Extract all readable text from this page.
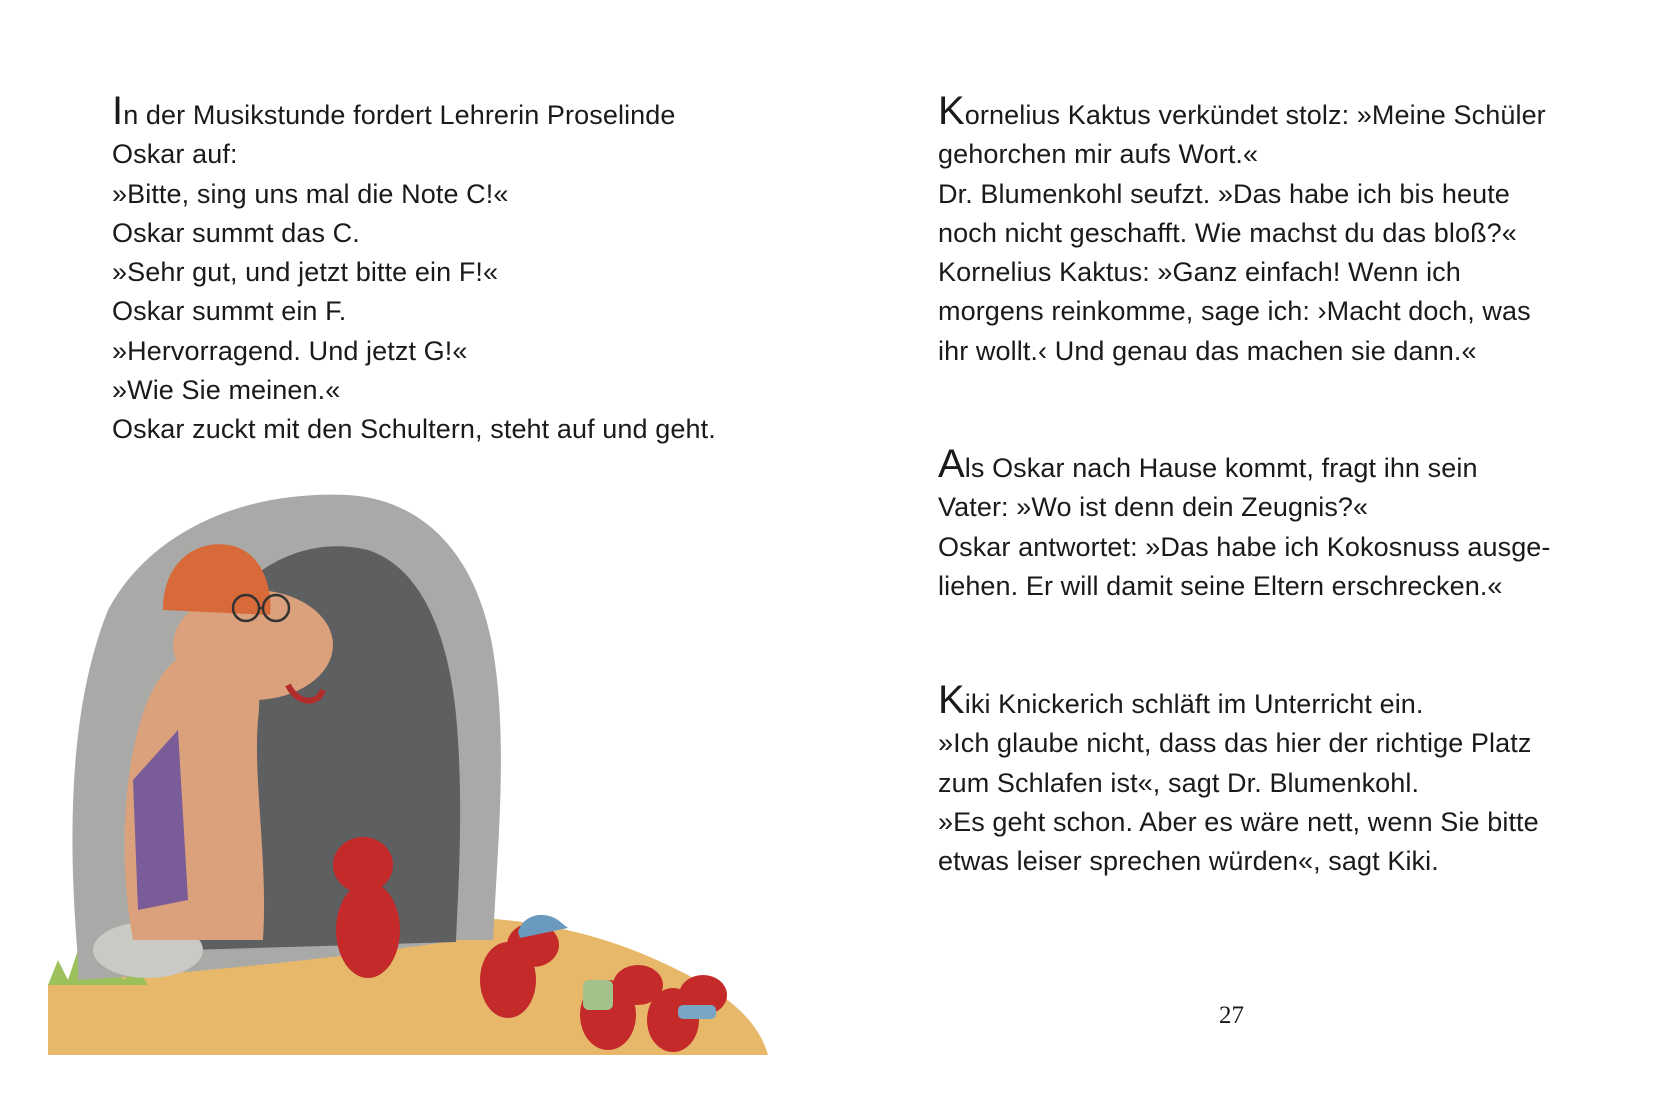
In der Musikstunde fordert Lehrerin Proselinde

Oskar auf:

»Bitte, sing uns mal die Note C!«

Oskar summt das C.

»Sehr gut, und jetzt bitte ein F!«

Oskar summt ein F.

»Hervorragend. Und jetzt G!«

»Wie Sie meinen.«

Oskar zuckt mit den Schultern, steht auf und geht.

Kornelius Kaktus verkündet stolz: »Meine Schüler

gehorchen mir aufs Wort.«

Dr. Blumenkohl seufzt. »Das habe ich bis heute

noch nicht geschafft. Wie machst du das bloß?«

Kornelius Kaktus: »Ganz einfach! Wenn ich

morgens reinkomme, sage ich: ›Macht doch, was

ihr wollt.‹ Und genau das machen sie dann.«

Als Oskar nach Hause kommt, fragt ihn sein

Vater: »Wo ist denn dein Zeugnis?«

Oskar antwortet: »Das habe ich Kokosnuss ausge-

liehen. Er will damit seine Eltern erschrecken.«

Kiki Knickerich schläft im Unterricht ein.

»Ich glaube nicht, dass das hier der richtige Platz

zum Schlafen ist«, sagt Dr. Blumenkohl.

»Es geht schon. Aber es wäre nett, wenn Sie bitte

etwas leiser sprechen würden«, sagt Kiki.

27
